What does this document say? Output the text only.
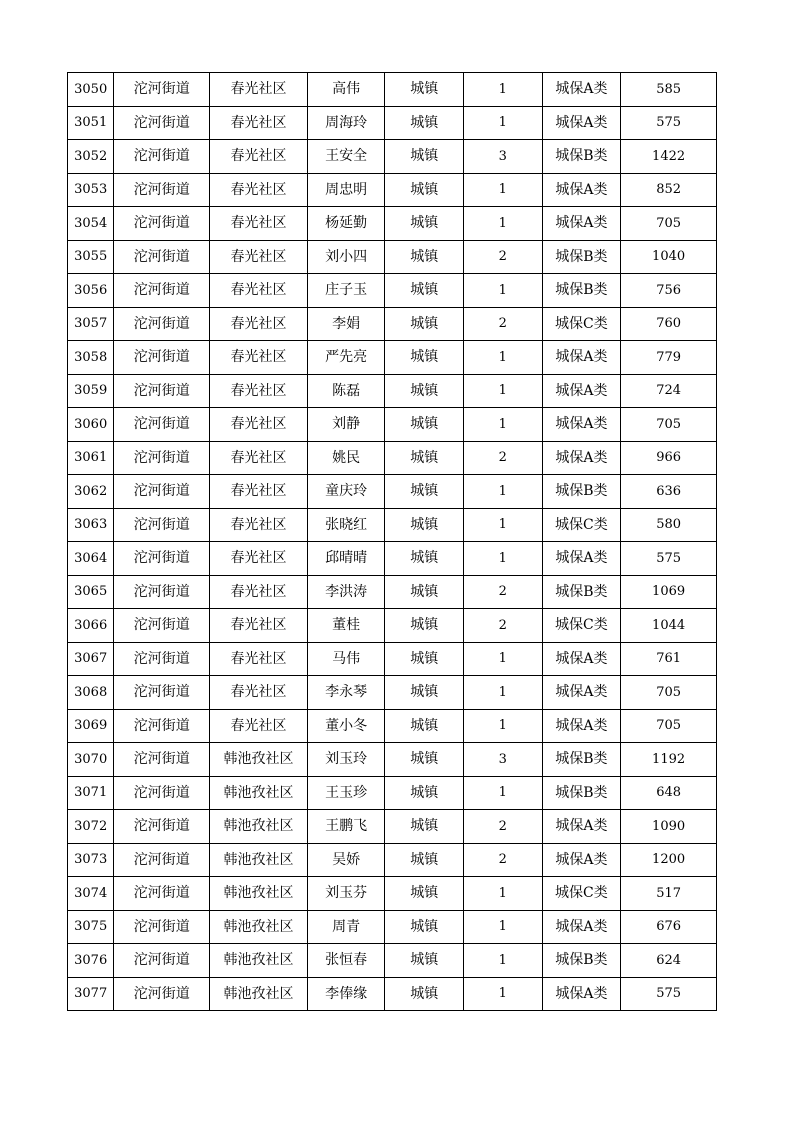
3050	沱河街道	春光社区	高伟	城镇	1	城保A类	585
3051	沱河街道	春光社区	周海玲	城镇	1	城保A类	575
3052	沱河街道	春光社区	王安全	城镇	3	城保B类	1422
3053	沱河街道	春光社区	周忠明	城镇	1	城保A类	852
3054	沱河街道	春光社区	杨延勤	城镇	1	城保A类	705
3055	沱河街道	春光社区	刘小四	城镇	2	城保B类	1040
3056	沱河街道	春光社区	庄子玉	城镇	1	城保B类	756
3057	沱河街道	春光社区	李娟	城镇	2	城保C类	760
3058	沱河街道	春光社区	严先亮	城镇	1	城保A类	779
3059	沱河街道	春光社区	陈磊	城镇	1	城保A类	724
3060	沱河街道	春光社区	刘静	城镇	1	城保A类	705
3061	沱河街道	春光社区	姚民	城镇	2	城保A类	966
3062	沱河街道	春光社区	童庆玲	城镇	1	城保B类	636
3063	沱河街道	春光社区	张晓红	城镇	1	城保C类	580
3064	沱河街道	春光社区	邱晴晴	城镇	1	城保A类	575
3065	沱河街道	春光社区	李洪涛	城镇	2	城保B类	1069
3066	沱河街道	春光社区	董桂	城镇	2	城保C类	1044
3067	沱河街道	春光社区	马伟	城镇	1	城保A类	761
3068	沱河街道	春光社区	李永琴	城镇	1	城保A类	705
3069	沱河街道	春光社区	董小冬	城镇	1	城保A类	705
3070	沱河街道	韩池孜社区	刘玉玲	城镇	3	城保B类	1192
3071	沱河街道	韩池孜社区	王玉珍	城镇	1	城保B类	648
3072	沱河街道	韩池孜社区	王鹏飞	城镇	2	城保A类	1090
3073	沱河街道	韩池孜社区	吴娇	城镇	2	城保A类	1200
3074	沱河街道	韩池孜社区	刘玉芬	城镇	1	城保C类	517
3075	沱河街道	韩池孜社区	周青	城镇	1	城保A类	676
3076	沱河街道	韩池孜社区	张恒春	城镇	1	城保B类	624
3077	沱河街道	韩池孜社区	李俸缘	城镇	1	城保A类	575
